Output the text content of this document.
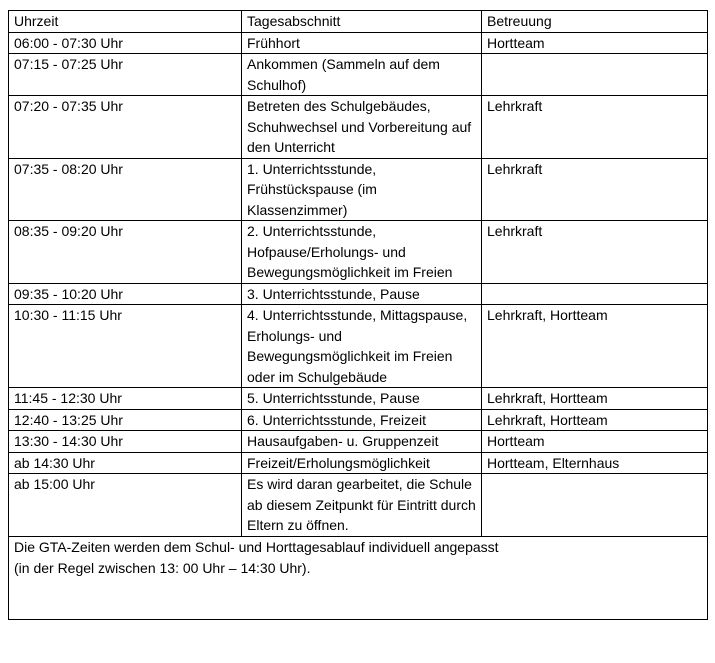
Uhrzeit	Tagesabschnitt	Betreuung
06:00 - 07:30 Uhr	Frühhort	Hortteam
07:15 - 07:25 Uhr	Ankommen (Sammeln auf dem Schulhof)	
07:20 - 07:35 Uhr	Betreten des Schulgebäudes, Schuhwechsel und Vorbereitung auf den Unterricht	Lehrkraft
07:35 - 08:20 Uhr	1. Unterrichtsstunde, Frühstückspause (im Klassenzimmer)	Lehrkraft
08:35 - 09:20 Uhr	2. Unterrichtsstunde, Hofpause/Erholungs- und Bewegungsmöglichkeit im Freien	Lehrkraft
09:35 - 10:20 Uhr	3. Unterrichtsstunde, Pause	
10:30 - 11:15 Uhr	4. Unterrichtsstunde, Mittagspause, Erholungs- und Bewegungsmöglichkeit im Freien oder im Schulgebäude	Lehrkraft, Hortteam
11:45 - 12:30 Uhr	5. Unterrichtsstunde, Pause	Lehrkraft, Hortteam
12:40 - 13:25 Uhr	6. Unterrichtsstunde, Freizeit	Lehrkraft, Hortteam
13:30 - 14:30 Uhr	Hausaufgaben- u. Gruppenzeit	Hortteam
ab 14:30 Uhr	Freizeit/Erholungsmöglichkeit	Hortteam, Elternhaus
ab 15:00 Uhr	Es wird daran gearbeitet, die Schule ab diesem Zeitpunkt für Eintritt durch Eltern zu öffnen.	

Die GTA-Zeiten werden dem Schul- und Horttagesablauf individuell angepasst
(in der Regel zwischen 13: 00 Uhr – 14:30 Uhr).		
